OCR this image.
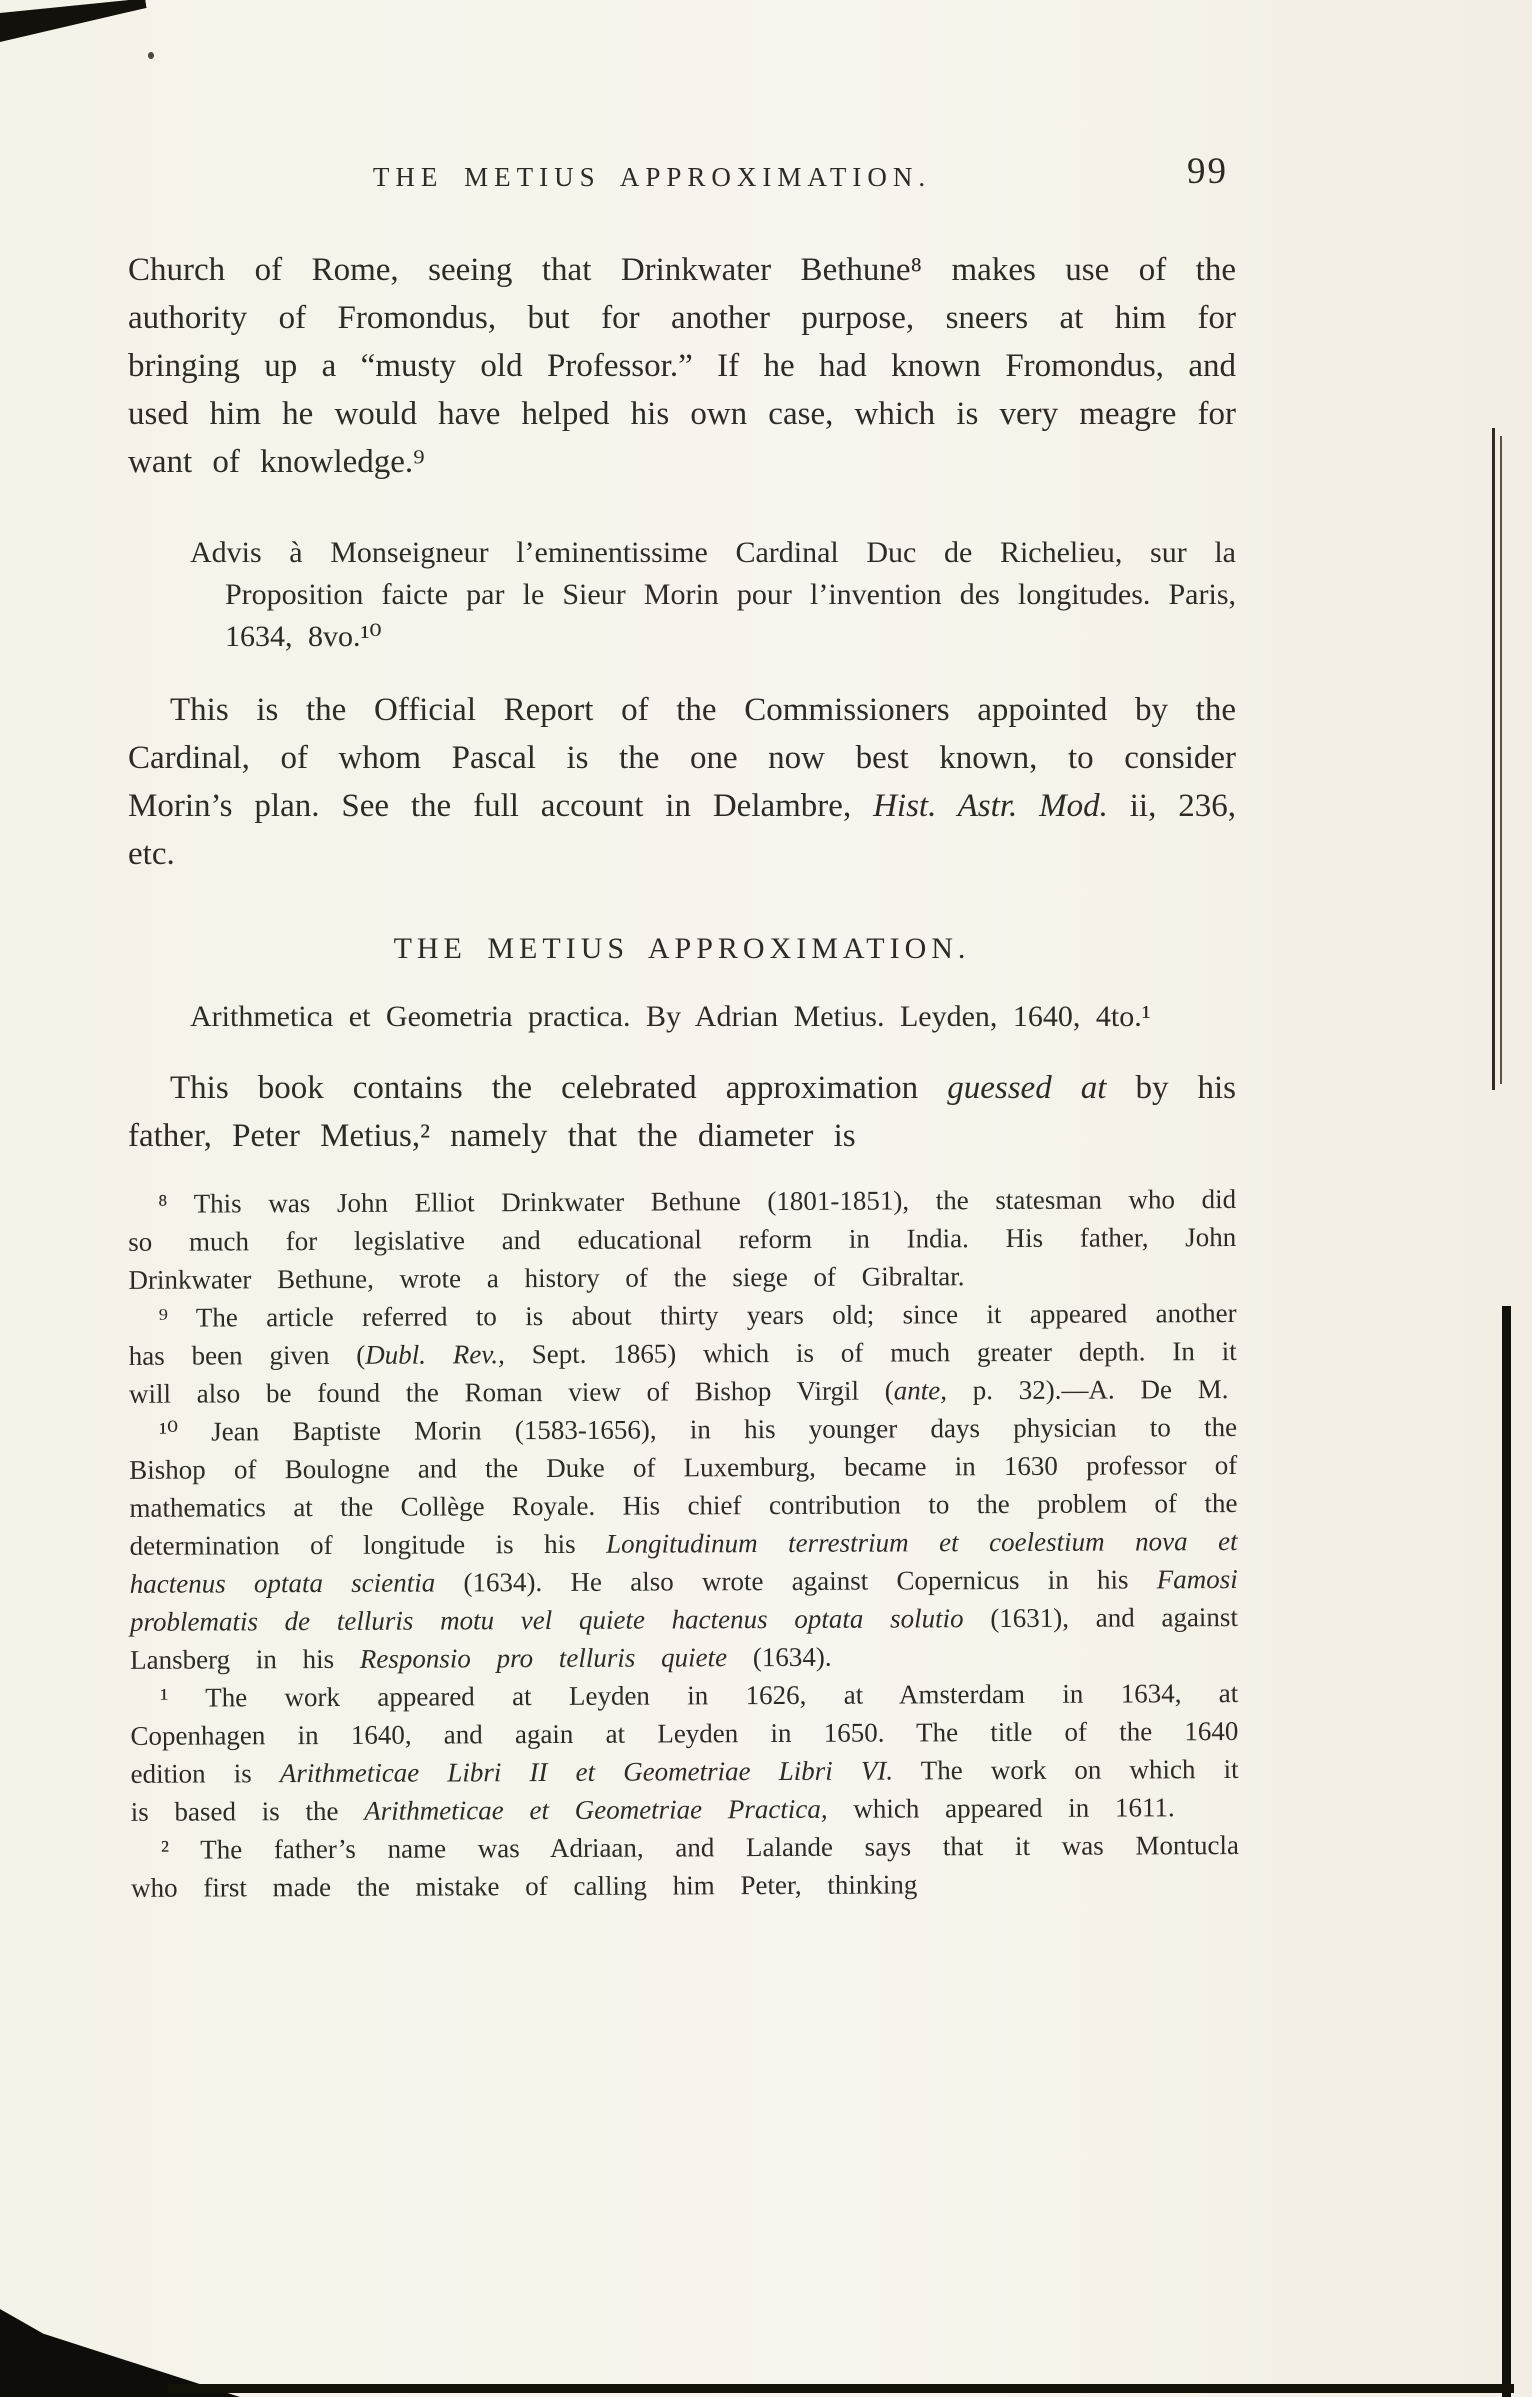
THE METIUS APPROXIMATION.	99

Church of Rome, seeing that Drinkwater Bethune⁸ makes use of the authority of Fromondus, but for another purpose, sneers at him for bringing up a “musty old Professor.” If he had known Fromondus, and used him he would have helped his own case, which is very meagre for want of knowledge.⁹

Advis à Monseigneur l’eminentissime Cardinal Duc de Richelieu, sur la Proposition faicte par le Sieur Morin pour l’invention des longitudes. Paris, 1634, 8vo.¹⁰

This is the Official Report of the Commissioners appointed by the Cardinal, of whom Pascal is the one now best known, to consider Morin’s plan. See the full account in Delambre, Hist. Astr. Mod. ii, 236, etc.

THE METIUS APPROXIMATION.

Arithmetica et Geometria practica. By Adrian Metius. Leyden, 1640, 4to.¹

This book contains the celebrated approximation guessed at by his father, Peter Metius,² namely that the diameter is

⁸ This was John Elliot Drinkwater Bethune (1801-1851), the statesman who did so much for legislative and educational reform in India. His father, John Drinkwater Bethune, wrote a history of the siege of Gibraltar.

⁹ The article referred to is about thirty years old; since it appeared another has been given (Dubl. Rev., Sept. 1865) which is of much greater depth. In it will also be found the Roman view of Bishop Virgil (ante, p. 32).—A. De M.

¹⁰ Jean Baptiste Morin (1583-1656), in his younger days physician to the Bishop of Boulogne and the Duke of Luxemburg, became in 1630 professor of mathematics at the Collège Royale. His chief contribution to the problem of the determination of longitude is his Longitudinum terrestrium et coelestium nova et hactenus optata scientia (1634). He also wrote against Copernicus in his Famosi problematis de telluris motu vel quiete hactenus optata solutio (1631), and against Lansberg in his Responsio pro telluris quiete (1634).

¹ The work appeared at Leyden in 1626, at Amsterdam in 1634, at Copenhagen in 1640, and again at Leyden in 1650. The title of the 1640 edition is Arithmeticae Libri II et Geometriae Libri VI. The work on which it is based is the Arithmeticae et Geometriae Practica, which appeared in 1611.

² The father’s name was Adriaan, and Lalande says that it was Montucla who first made the mistake of calling him Peter, thinking
